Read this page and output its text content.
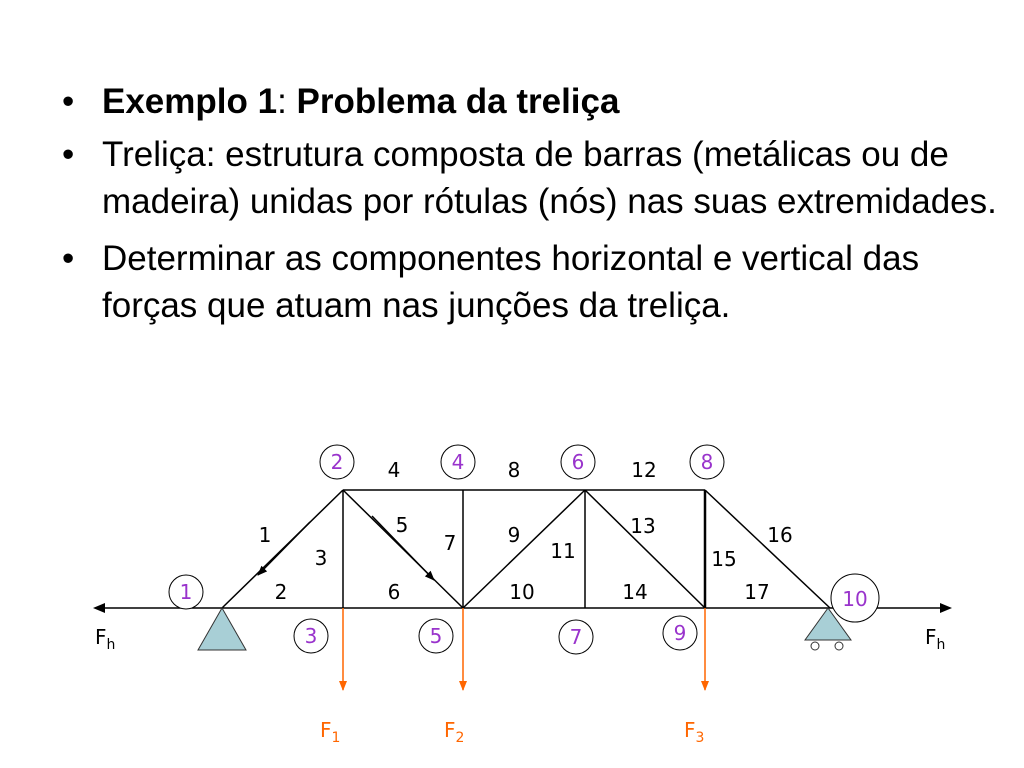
• Exemplo 1: Problema da treliça
• Treliça: estrutura composta de barras (metálicas ou de madeira) unidas por rótulas (nós) nas suas extremidades.
• Determinar as componentes horizontal e vertical das forças que atuam nas junções da treliça.
1
2
3
4
5
6
7
8
9
10
1
2
3
4
5
6
7
8
9
10
11
12
13
14
15
16
17
$F_h$	$F_h$
$F_1$	$F_2$	$F_3$
